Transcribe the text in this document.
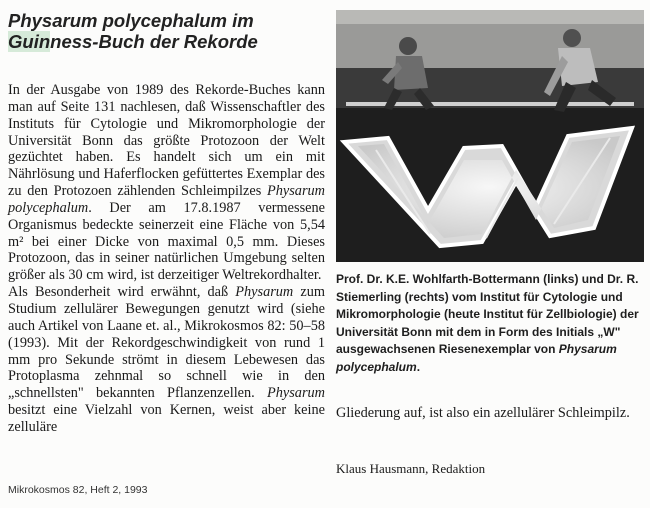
Physarum polycephalum im
Guinness-Buch der Rekorde

In der Ausgabe von 1989 des Rekorde-Buches kann man auf Seite 131 nachlesen, daß Wissenschaftler des Instituts für Cytologie und Mikromorphologie der Universität Bonn das größte Protozoon der Welt gezüchtet haben. Es handelt sich um ein mit Nährlösung und Haferflocken gefüttertes Exemplar des zu den Protozoen zählenden Schleimpilzes Physarum polycephalum. Der am 17.8.1987 vermessene Organismus bedeckte seinerzeit eine Fläche von 5,54 m² bei einer Dicke von maximal 0,5 mm. Dieses Protozoon, das in seiner natürlichen Umgebung selten größer als 30 cm wird, ist derzeitiger Weltrekordhalter.

Als Besonderheit wird erwähnt, daß Physarum zum Studium zellulärer Bewegungen genutzt wird (siehe auch Artikel von Laane et. al., Mikrokosmos 82: 50–58 (1993). Mit der Rekordgeschwindigkeit von rund 1 mm pro Sekunde strömt in diesem Lebewesen das Protoplasma zehnmal so schnell wie in den „schnellsten" bekannten Pflanzenzellen. Physarum besitzt eine Vielzahl von Kernen, weist aber keine zelluläre

Mikrokosmos 82, Heft 2, 1993
Prof. Dr. K.E. Wohlfarth-Bottermann (links) und Dr. R. Stiemerling (rechts) vom Institut für Cytologie und Mikromorphologie (heute Institut für Zellbiologie) der Universität Bonn mit dem in Form des Initials „W" ausgewachsenen Riesenexemplar von Physarum polycephalum.
Gliederung auf, ist also ein azellulärer Schleimpilz.
Klaus Hausmann, Redaktion
